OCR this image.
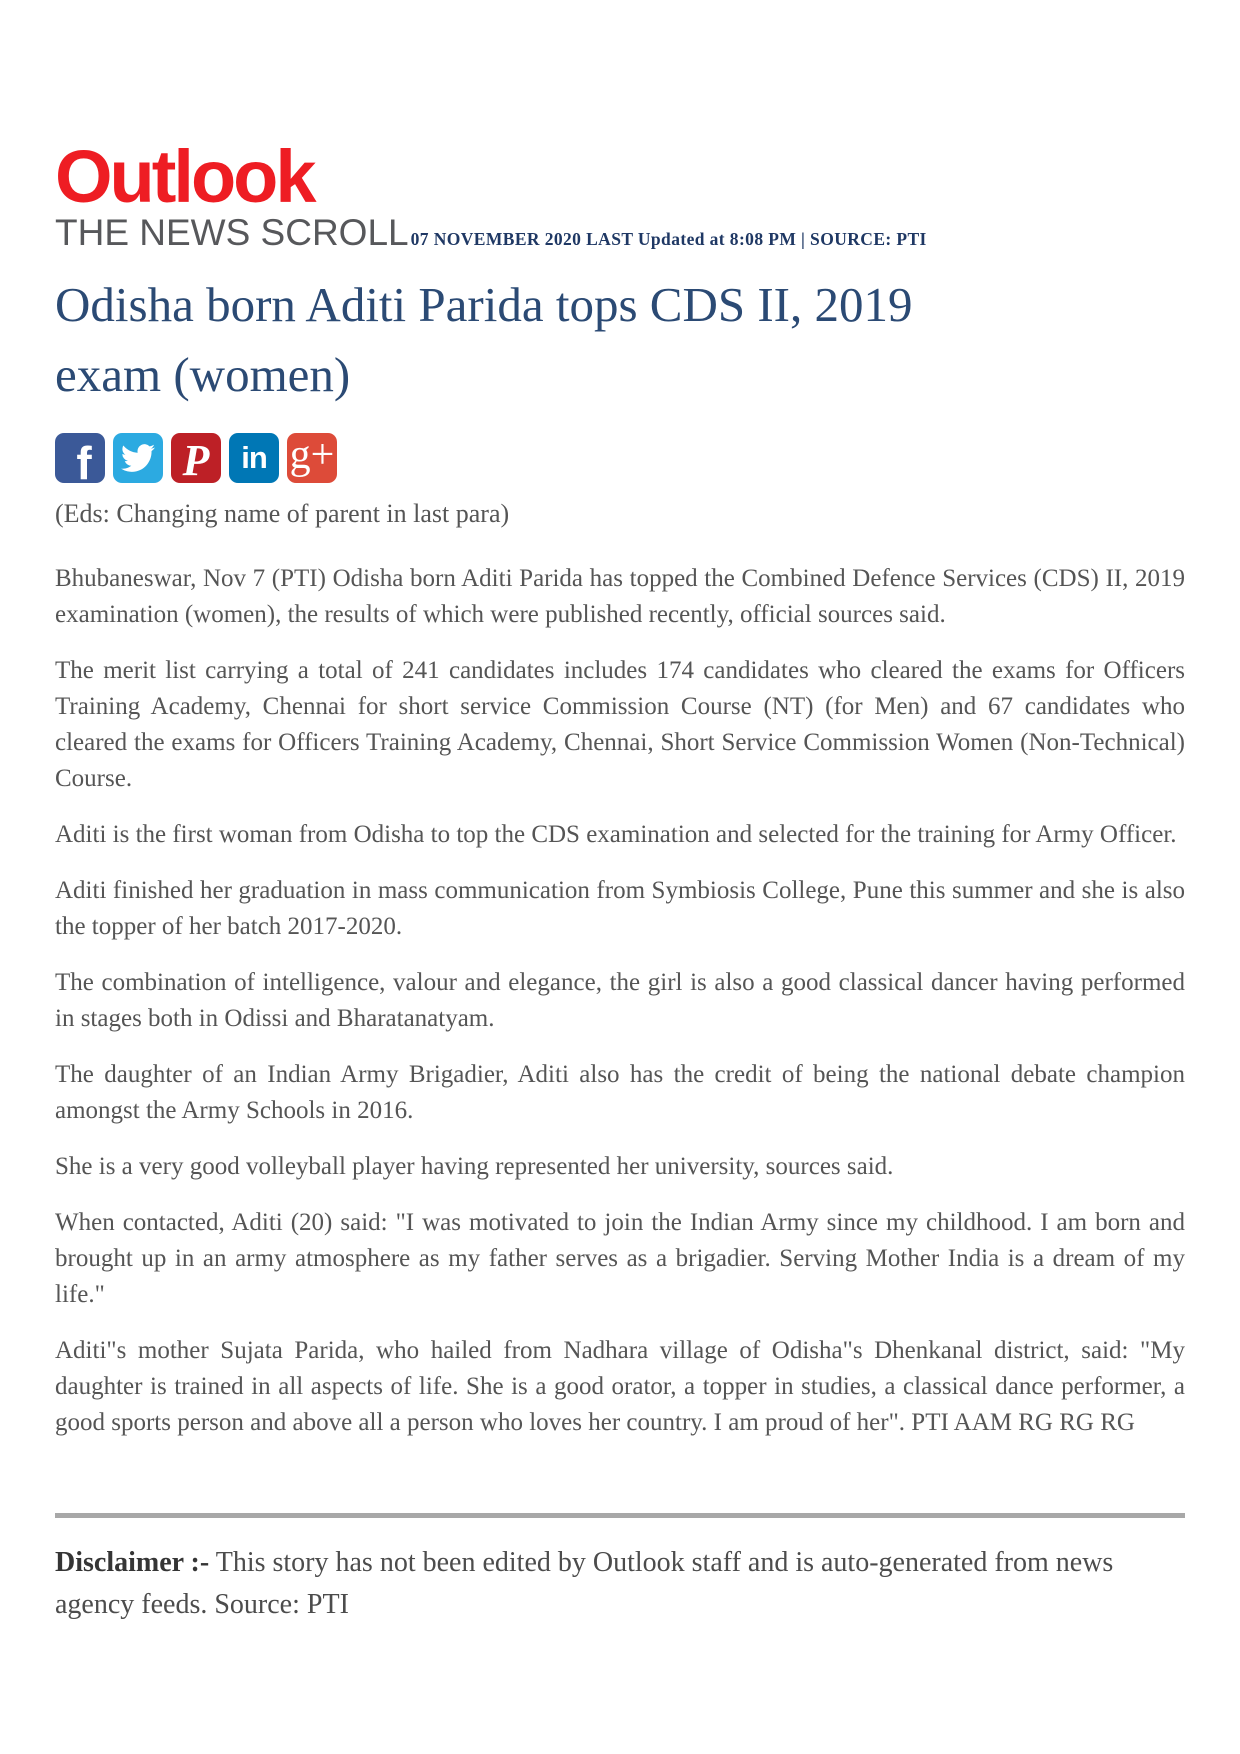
Outlook
THE NEWS SCROLL 07 NOVEMBER 2020 LAST Updated at 8:08 PM | SOURCE: PTI
Odisha born Aditi Parida tops CDS II, 2019 exam (women)
f P in g+

(Eds: Changing name of parent in last para)

Bhubaneswar, Nov 7 (PTI) Odisha born Aditi Parida has topped the Combined Defence Services (CDS) II, 2019 examination (women), the results of which were published recently, official sources said.

The merit list carrying a total of 241 candidates includes 174 candidates who cleared the exams for Officers Training Academy, Chennai for short service Commission Course (NT) (for Men) and 67 candidates who cleared the exams for Officers Training Academy, Chennai, Short Service Commission Women (Non-Technical) Course.

Aditi is the first woman from Odisha to top the CDS examination and selected for the training for Army Officer.

Aditi finished her graduation in mass communication from Symbiosis College, Pune this summer and she is also the topper of her batch 2017-2020.

The combination of intelligence, valour and elegance, the girl is also a good classical dancer having performed in stages both in Odissi and Bharatanatyam.

The daughter of an Indian Army Brigadier, Aditi also has the credit of being the national debate champion amongst the Army Schools in 2016.

She is a very good volleyball player having represented her university, sources said.

When contacted, Aditi (20) said: "I was motivated to join the Indian Army since my childhood. I am born and brought up in an army atmosphere as my father serves as a brigadier. Serving Mother India is a dream of my life."

Aditi"s mother Sujata Parida, who hailed from Nadhara village of Odisha"s Dhenkanal district, said: "My daughter is trained in all aspects of life. She is a good orator, a topper in studies, a classical dance performer, a good sports person and above all a person who loves her country. I am proud of her". PTI AAM RG RG RG

Disclaimer :- This story has not been edited by Outlook staff and is auto-generated from news agency feeds. Source: PTI
